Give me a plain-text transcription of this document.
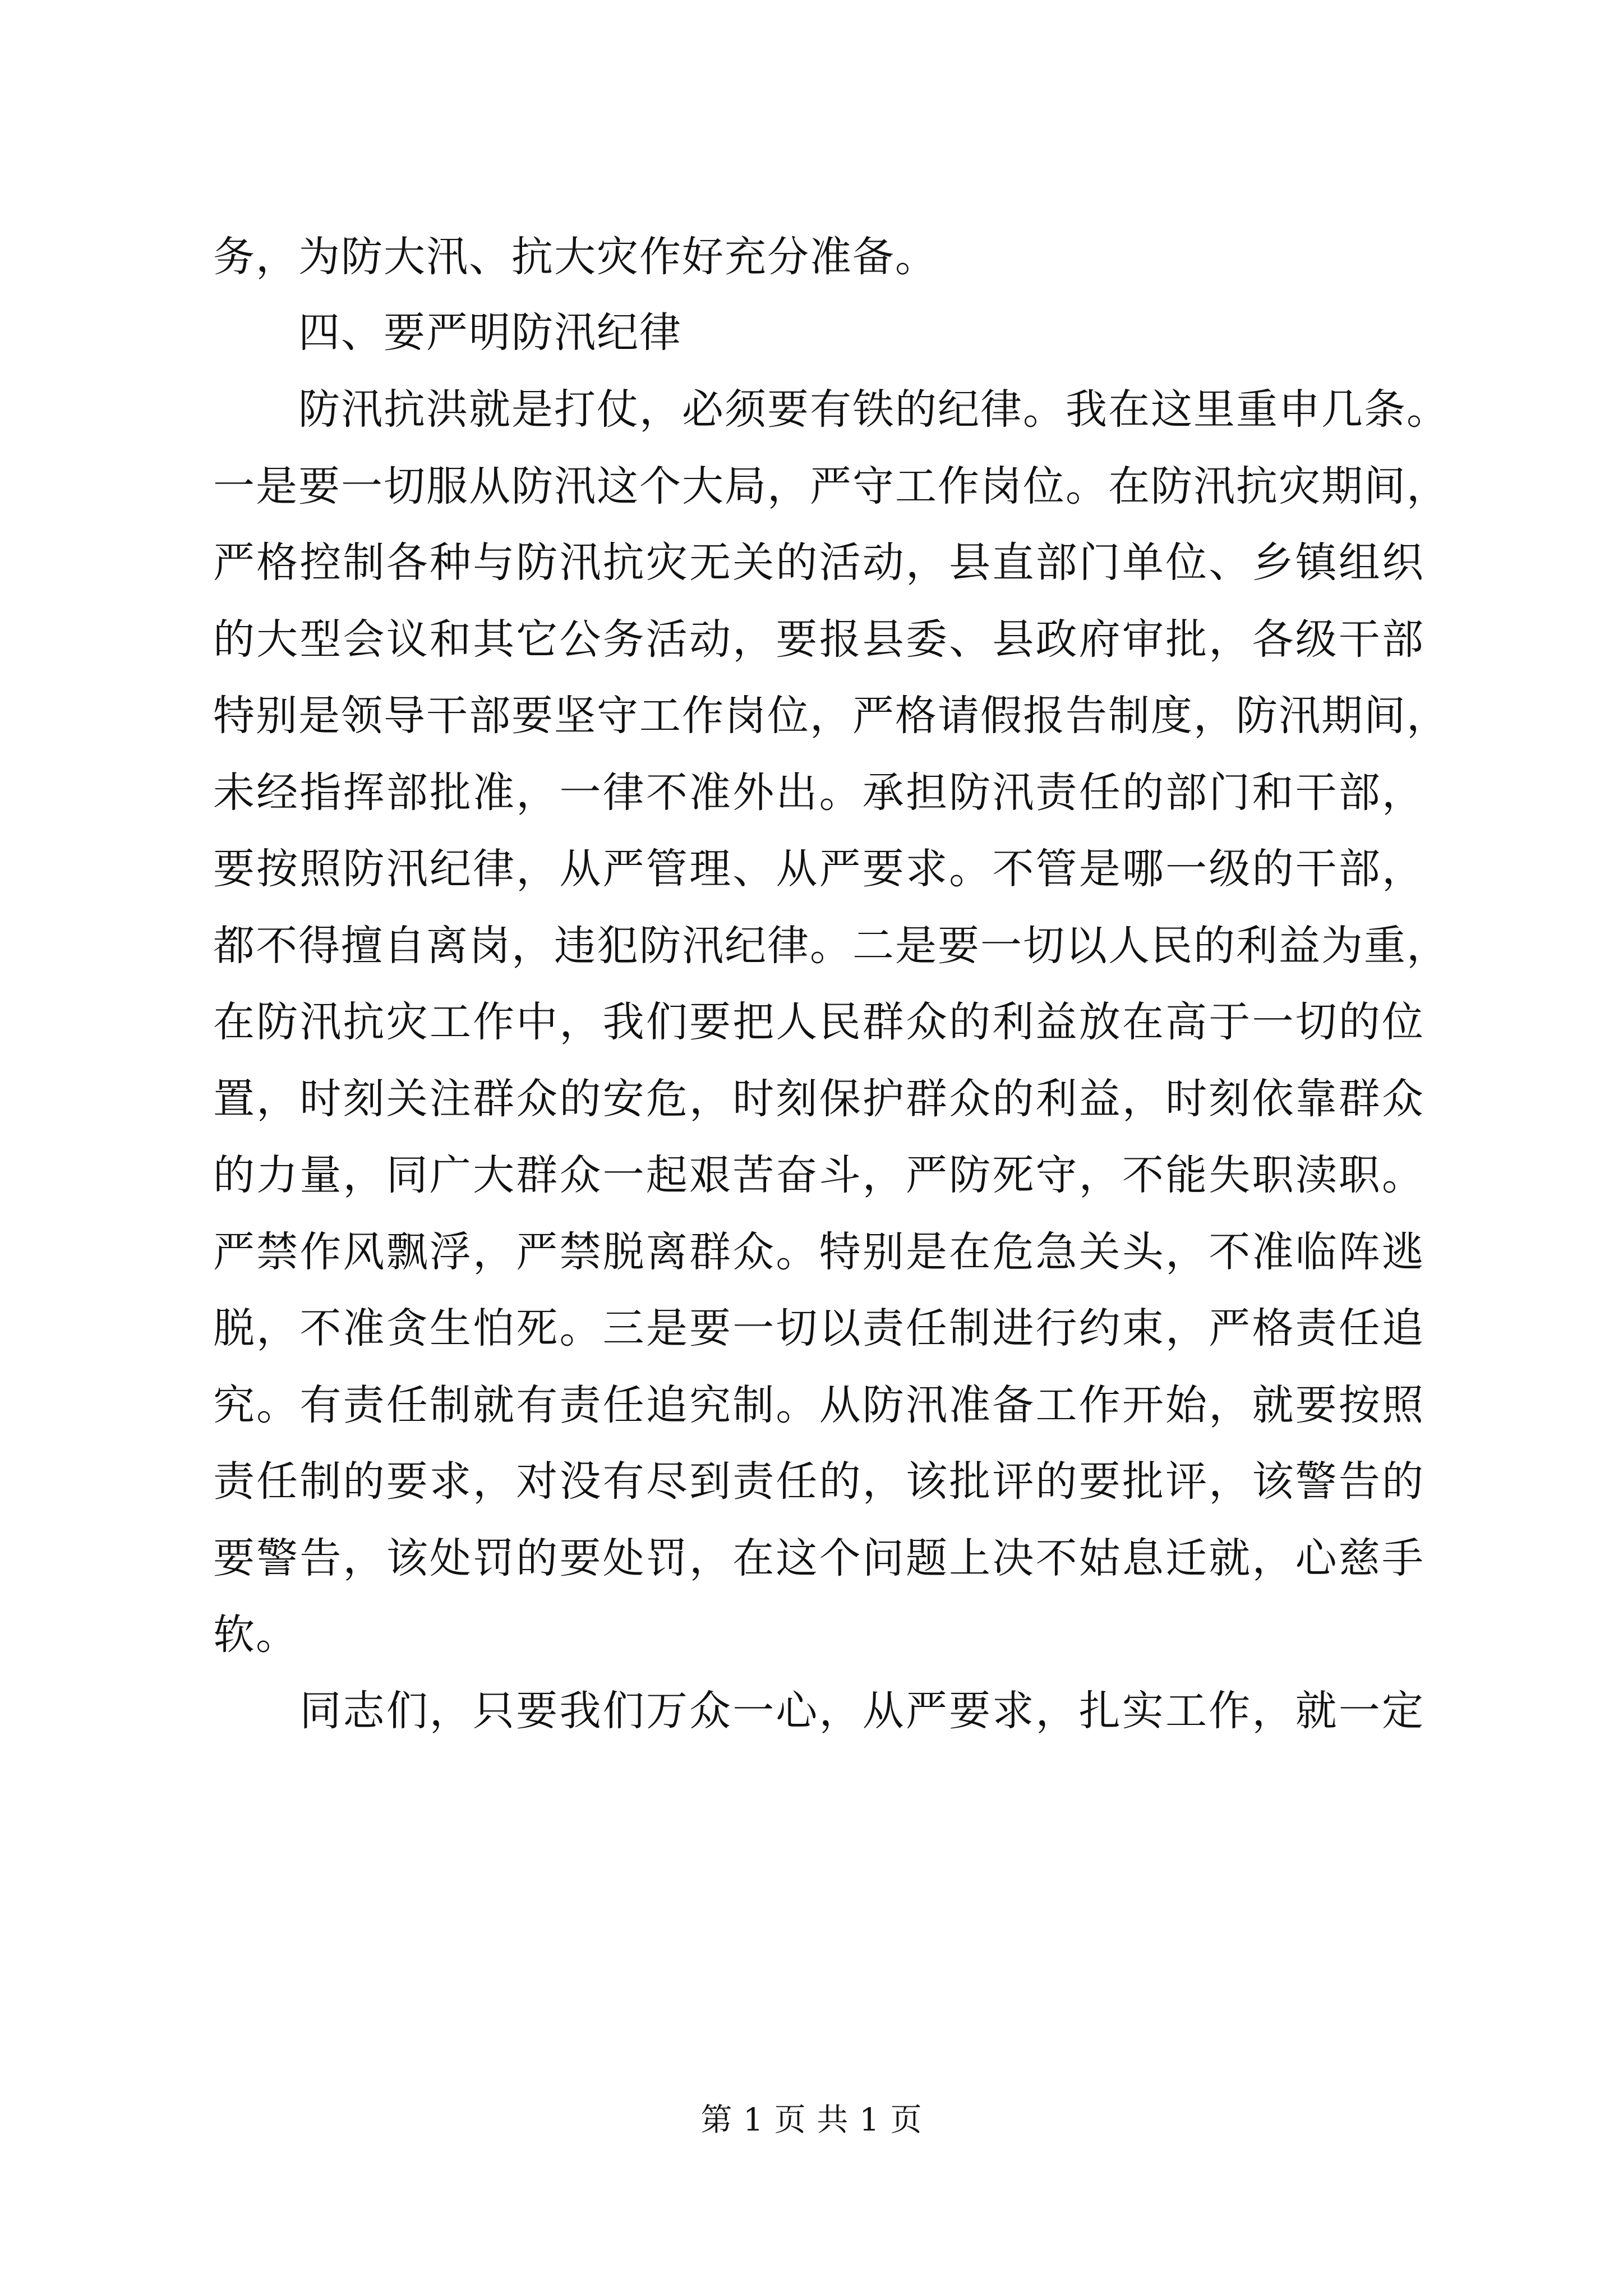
务，为防大汛、抗大灾作好充分准备。
　　四、要严明防汛纪律
　　防汛抗洪就是打仗，必须要有铁的纪律。我在这里重申几条。
一是要一切服从防汛这个大局，严守工作岗位。在防汛抗灾期间，
严格控制各种与防汛抗灾无关的活动，县直部门单位、乡镇组织
的大型会议和其它公务活动，要报县委、县政府审批，各级干部
特别是领导干部要坚守工作岗位，严格请假报告制度，防汛期间，
未经指挥部批准，一律不准外出。承担防汛责任的部门和干部，
要按照防汛纪律，从严管理、从严要求。不管是哪一级的干部，
都不得擅自离岗，违犯防汛纪律。二是要一切以人民的利益为重，
在防汛抗灾工作中，我们要把人民群众的利益放在高于一切的位
置，时刻关注群众的安危，时刻保护群众的利益，时刻依靠群众
的力量，同广大群众一起艰苦奋斗，严防死守，不能失职渎职。
严禁作风飘浮，严禁脱离群众。特别是在危急关头，不准临阵逃
脱，不准贪生怕死。三是要一切以责任制进行约束，严格责任追
究。有责任制就有责任追究制。从防汛准备工作开始，就要按照
责任制的要求，对没有尽到责任的，该批评的要批评，该警告的
要警告，该处罚的要处罚，在这个问题上决不姑息迁就，心慈手
软。
　　同志们，只要我们万众一心，从严要求，扎实工作，就一定
第 1 页 共 1 页
